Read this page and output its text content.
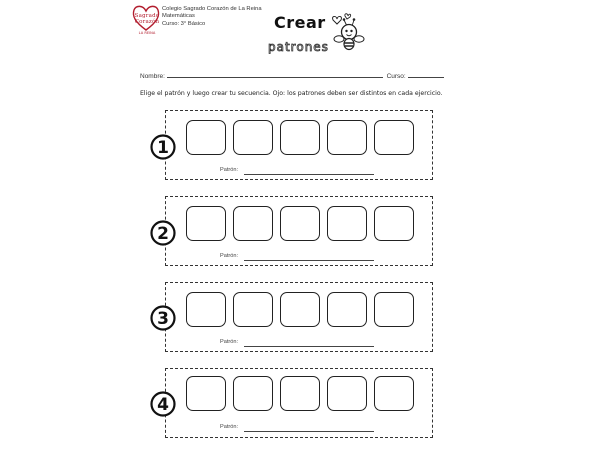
Sagrado
Corazón
LA REINA
Colegio Sagrado Corazón de La Reina
Matemáticas
Curso: 3° Básico	Crear
patrones
Nombre:	Curso:
Elige el patrón y luego crear tu secuencia. Ojo: los patrones deben ser distintos en cada ejercicio.
1
Patrón:
2
Patrón:
3
Patrón:
4
Patrón:
